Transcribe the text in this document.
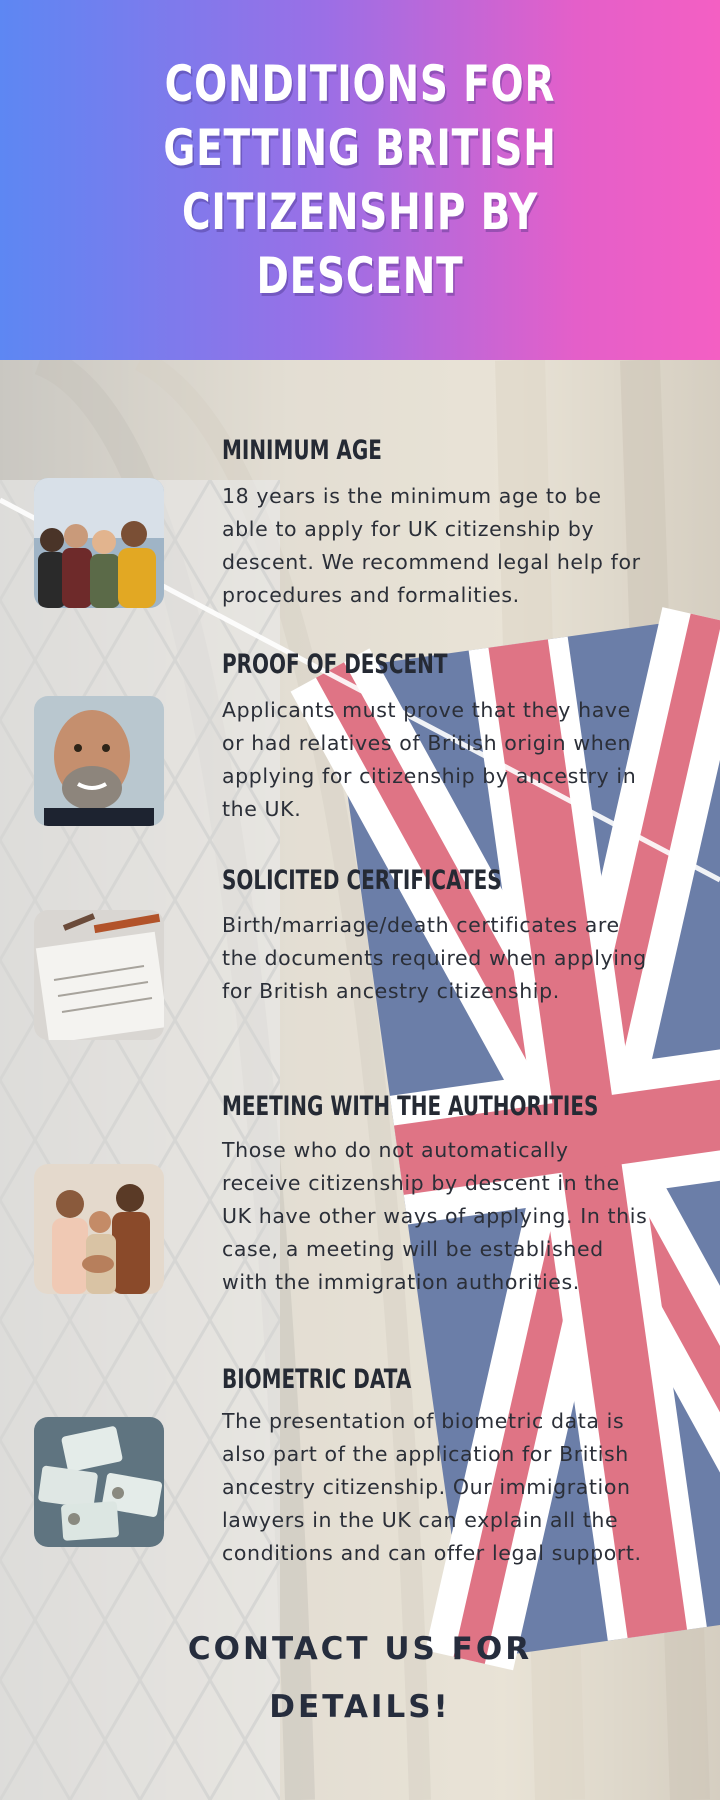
CONDITIONS FOR GETTING BRITISH CITIZENSHIP BY DESCENT
MINIMUM AGE

18 years is the minimum age to be able to apply for UK citizenship by descent. We recommend legal help for procedures and formalities.

PROOF OF DESCENT

Applicants must prove that they have or had relatives of British origin when applying for citizenship by ancestry in the UK.

SOLICITED CERTIFICATES

Birth/marriage/death certificates are the documents required when applying for British ancestry citizenship.

MEETING WITH THE AUTHORITIES

Those who do not automatically receive citizenship by descent in the UK have other ways of applying. In this case, a meeting will be established with the immigration authorities.

BIOMETRIC DATA

The presentation of biometric data is also part of the application for British ancestry citizenship. Our immigration lawyers in the UK can explain all the conditions and can offer legal support.

CONTACT US FOR DETAILS!
